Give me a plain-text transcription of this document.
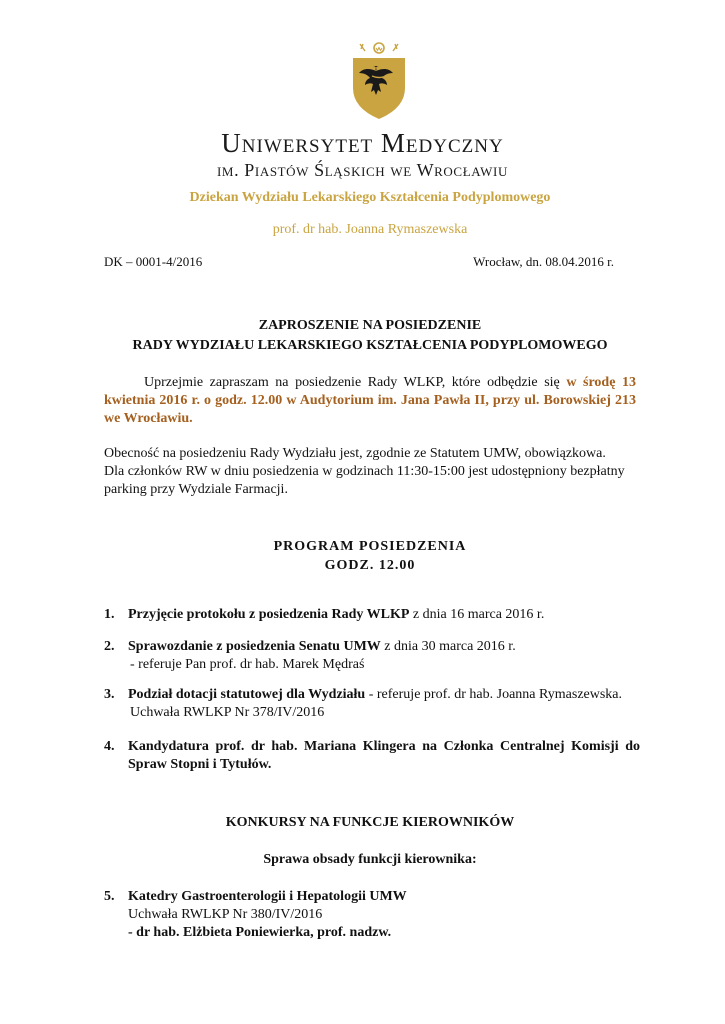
Uniwersytet Medyczny
im. Piastów Śląskich we Wrocławiu
Dziekan Wydziału Lekarskiego Kształcenia Podyplomowego
prof. dr hab. Joanna Rymaszewska
DK – 0001-4/2016	Wrocław, dn. 08.04.2016 r.
ZAPROSZENIE NA POSIEDZENIE
RADY WYDZIAŁU LEKARSKIEGO KSZTAŁCENIA PODYPLOMOWEGO
Uprzejmie zapraszam na posiedzenie Rady WLKP, które odbędzie się w środę 13 kwietnia 2016 r. o godz. 12.00 w Audytorium im. Jana Pawła II, przy ul. Borowskiej 213 we Wrocławiu.
Obecność na posiedzeniu Rady Wydziału jest, zgodnie ze Statutem UMW, obowiązkowa.
Dla członków RW w dniu posiedzenia w godzinach 11:30-15:00 jest udostępniony bezpłatny parking przy Wydziale Farmacji.
PROGRAM POSIEDZENIA
GODZ. 12.00
1. Przyjęcie protokołu z posiedzenia Rady WLKP z dnia 16 marca 2016 r.
2. Sprawozdanie z posiedzenia Senatu UMW z dnia 30 marca 2016 r.
- referuje Pan prof. dr hab. Marek Mędraś
3. Podział dotacji statutowej dla Wydziału - referuje prof. dr hab. Joanna Rymaszewska.
Uchwała RWLKP Nr 378/IV/2016
4. Kandydatura prof. dr hab. Mariana Klingera na Członka Centralnej Komisji do Spraw Stopni i Tytułów.
KONKURSY NA FUNKCJE KIEROWNIKÓW
Sprawa obsady funkcji kierownika:
5. Katedry Gastroenterologii i Hepatologii UMW
Uchwała RWLKP Nr 380/IV/2016
- dr hab. Elżbieta Poniewierka, prof. nadzw.
